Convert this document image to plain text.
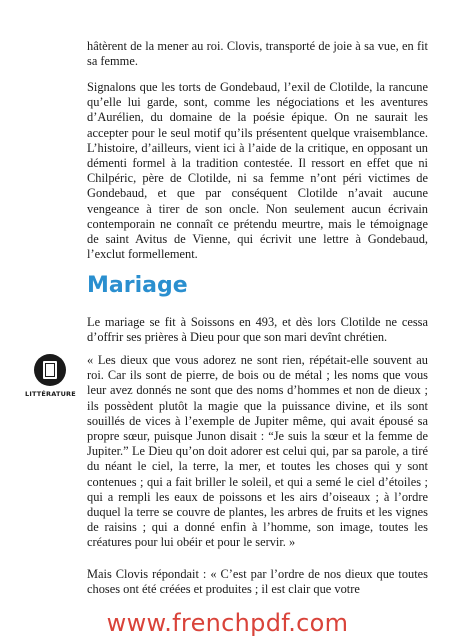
hâtèrent de la mener au roi. Clovis, transporté de joie à sa vue, en fit sa femme.

Signalons que les torts de Gondebaud, l’exil de Clotilde, la rancune qu’elle lui garde, sont, comme les négociations et les aventures d’Aurélien, du domaine de la poésie épique. On ne saurait les accepter pour le seul motif qu’ils présentent quelque vraisemblance. L’histoire, d’ailleurs, vient ici à l’aide de la critique, en opposant un démenti formel à la tradition contestée. Il ressort en effet que ni Chilpéric, père de Clotilde, ni sa femme n’ont péri victimes de Gondebaud, et que par conséquent Clotilde n’avait aucune vengeance à tirer de son oncle. Non seulement aucun écrivain contemporain ne connaît ce prétendu meurtre, mais le témoignage de saint Avitus de Vienne, qui écrivit une lettre à Gondebaud, l’exclut formellement.

Mariage

Le mariage se fit à Soissons en 493, et dès lors Clotilde ne cessa d’offrir ses prières à Dieu pour que son mari devînt chrétien.

LITTÉRATURE

« Les dieux que vous adorez ne sont rien, répétait-elle souvent au roi. Car ils sont de pierre, de bois ou de métal ; les noms que vous leur avez donnés ne sont que des noms d’hommes et non de dieux ; ils possèdent plutôt la magie que la puissance divine, et ils sont souillés de vices à l’exemple de Jupiter même, qui avait épousé sa propre sœur, puisque Junon disait : “Je suis la sœur et la femme de Jupiter.” Le Dieu qu’on doit adorer est celui qui, par sa parole, a tiré du néant le ciel, la terre, la mer, et toutes les choses qui y sont contenues ; qui a fait briller le soleil, et qui a semé le ciel d’étoiles ; qui a rempli les eaux de poissons et les airs d’oiseaux ; à l’ordre duquel la terre se couvre de plantes, les arbres de fruits et les vignes de raisins ; qui a donné enfin à l’homme, son image, toutes les créatures pour lui obéir et pour le servir. »

Mais Clovis répondait : « C’est par l’ordre de nos dieux que toutes choses ont été créées et produites ; il est clair que votre

www.frenchpdf.com
